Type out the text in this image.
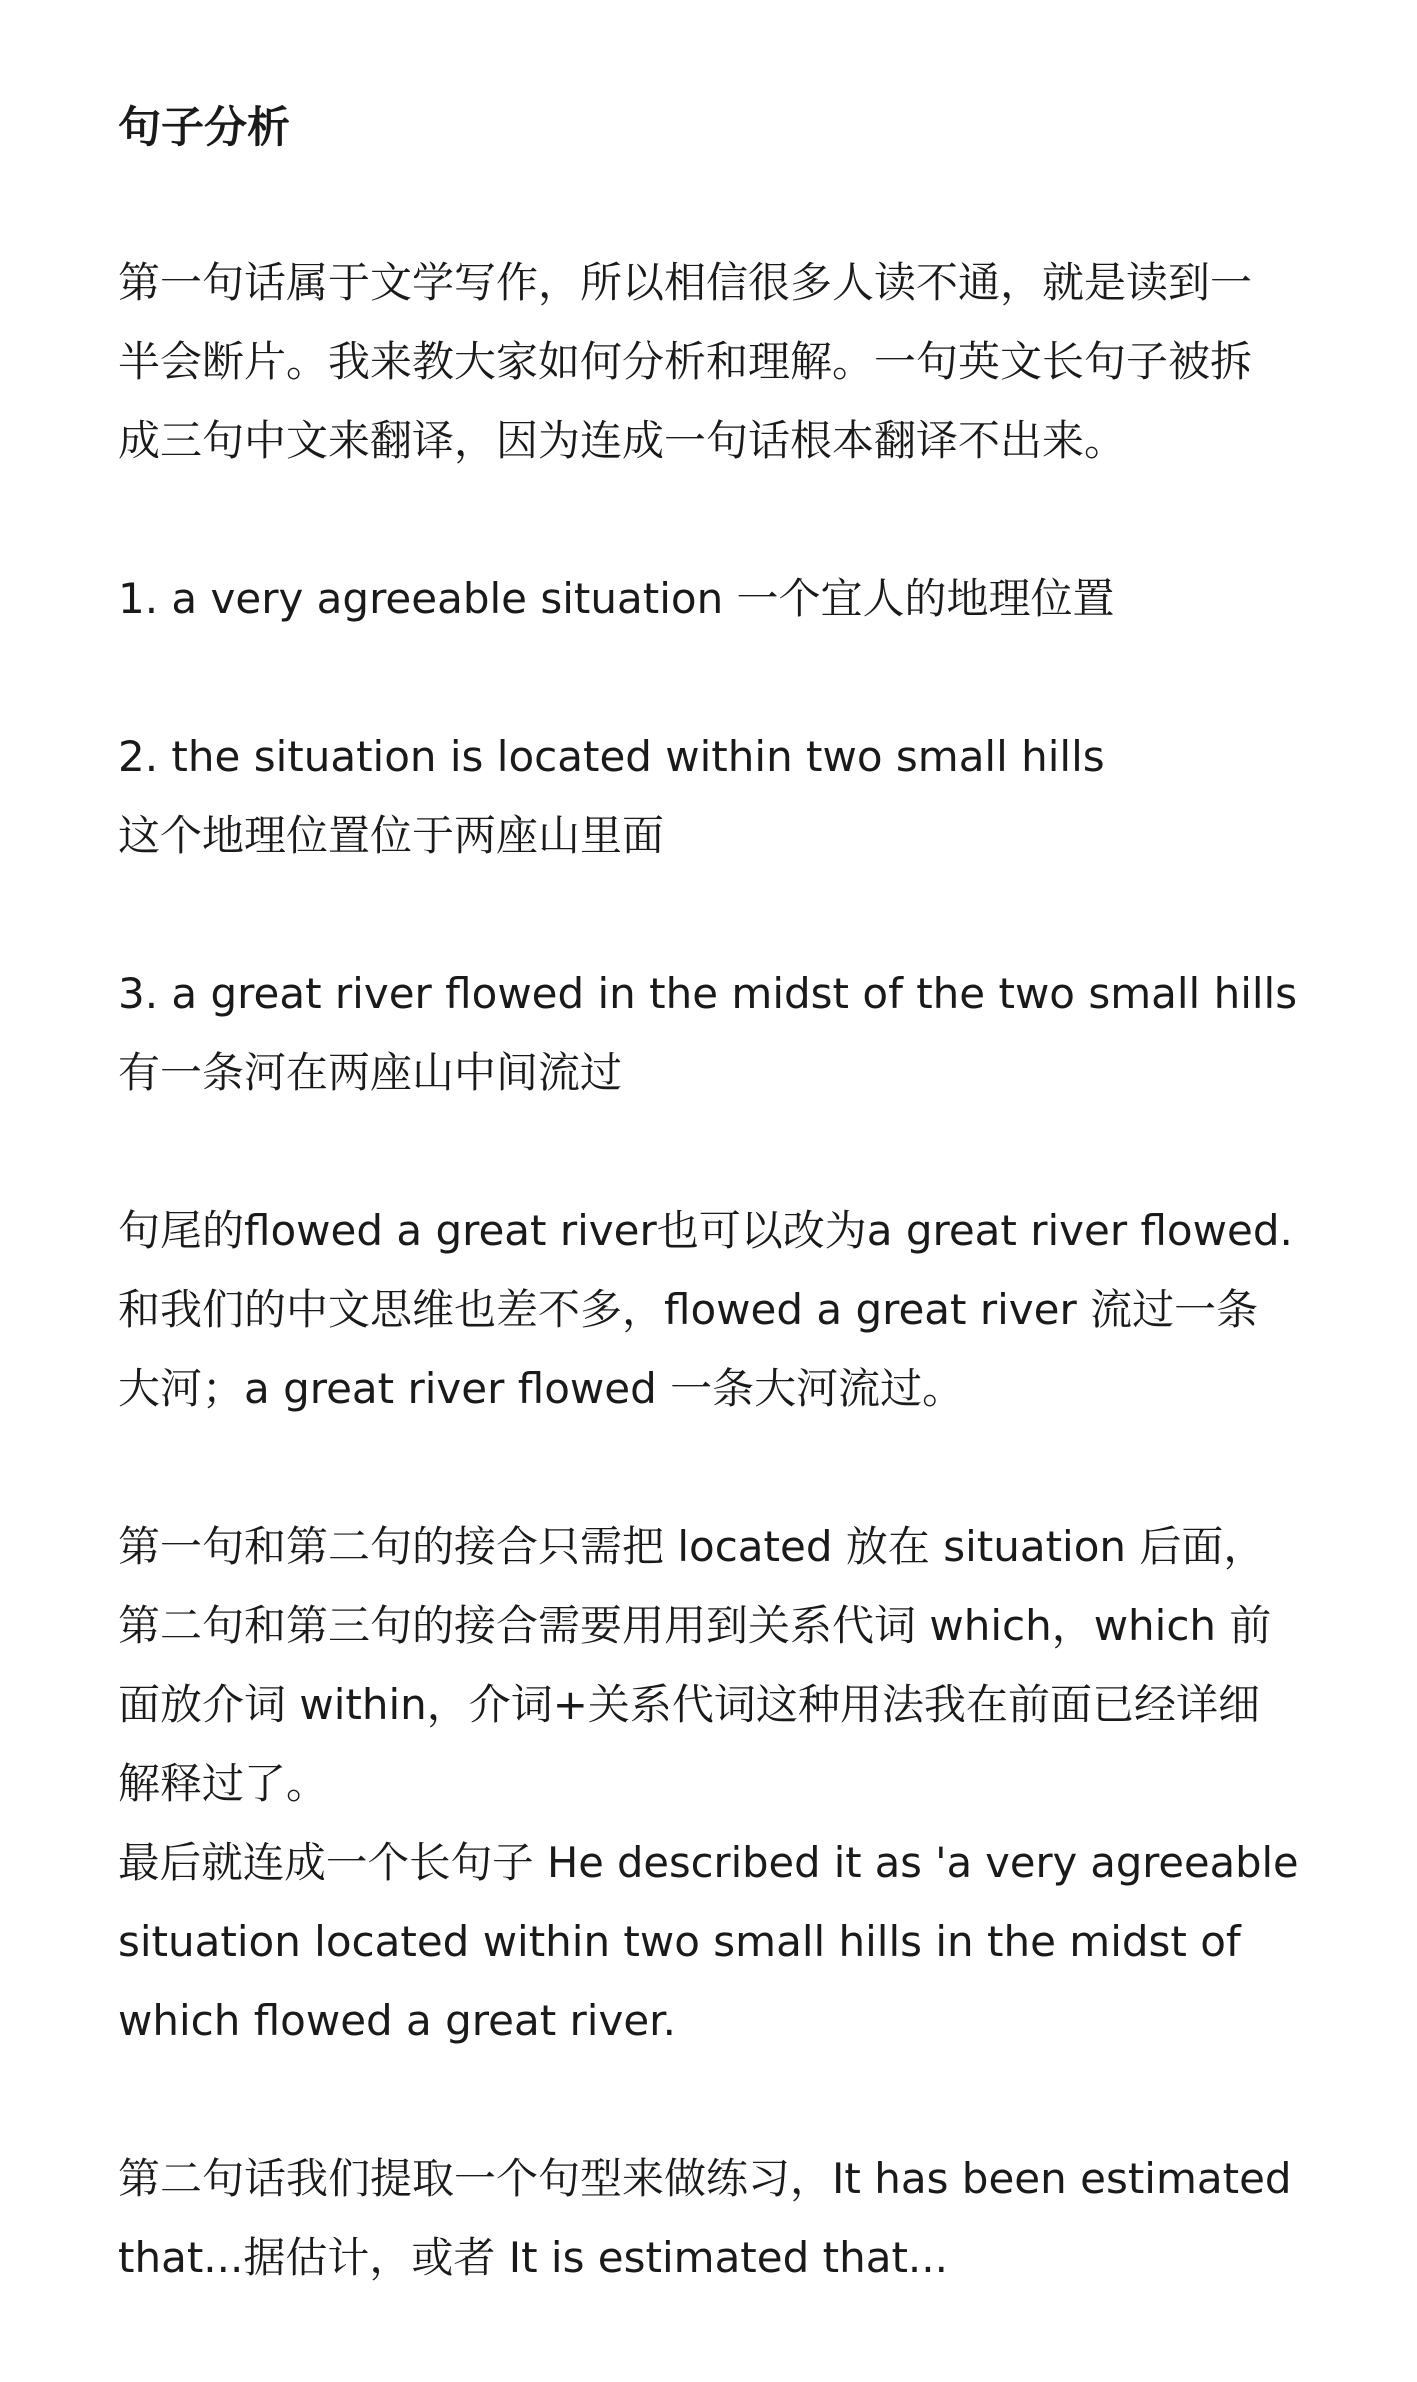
句子分析

第一句话属于文学写作，所以相信很多人读不通，就是读到一
半会断片。我来教大家如何分析和理解。一句英文长句子被拆
成三句中文来翻译，因为连成一句话根本翻译不出来。

1. a very agreeable situation 一个宜人的地理位置

2. the situation is located within two small hills
这个地理位置位于两座山里面

3. a great river flowed in the midst of the two small hills
有一条河在两座山中间流过

句尾的flowed a great river也可以改为a great river flowed.
和我们的中文思维也差不多，flowed a great river 流过一条
大河；a great river flowed 一条大河流过。

第一句和第二句的接合只需把 located 放在 situation 后面，
第二句和第三句的接合需要用用到关系代词 which，which 前
面放介词 within，介词+关系代词这种用法我在前面已经详细
解释过了。
最后就连成一个长句子 He described it as 'a very agreeable
situation located within two small hills in the midst of
which flowed a great river.

第二句话我们提取一个句型来做练习，It has been estimated
that...据估计，或者 It is estimated that...
